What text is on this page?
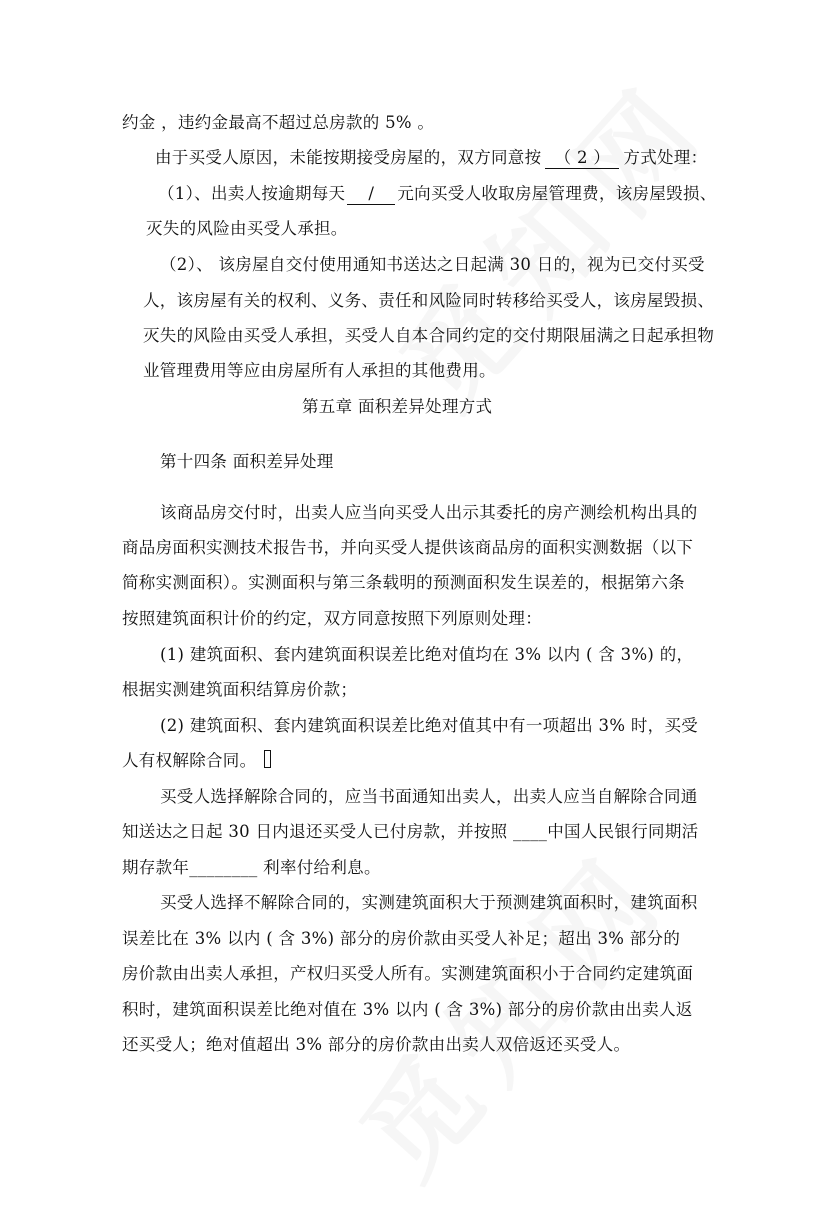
约金 ，违约金最高不超过总房款的 5% 。
由于买受人原因，未能按期接受房屋的，双方同意按 （ 2 ） 方式处理：
（1）、出卖人按逾期每天 / 元向买受人收取房屋管理费，该房屋毁损、
灭失的风险由买受人承担。
（2）、 该房屋自交付使用通知书送达之日起满 30 日的，视为已交付买受
人，该房屋有关的权利、义务、责任和风险同时转移给买受人，该房屋毁损、
灭失的风险由买受人承担，买受人自本合同约定的交付期限届满之日起承担物
业管理费用等应由房屋所有人承担的其他费用。
第五章 面积差异处理方式
第十四条 面积差异处理
该商品房交付时，出卖人应当向买受人出示其委托的房产测绘机构出具的
商品房面积实测技术报告书，并向买受人提供该商品房的面积实测数据（以下
简称实测面积）。实测面积与第三条载明的预测面积发生误差的，根据第六条
按照建筑面积计价的约定，双方同意按照下列原则处理：
(1) 建筑面积、套内建筑面积误差比绝对值均在 3% 以内 ( 含 3%) 的，
根据实测建筑面积结算房价款；
(2) 建筑面积、套内建筑面积误差比绝对值其中有一项超出 3% 时，买受
人有权解除合同。
买受人选择解除合同的，应当书面通知出卖人，出卖人应当自解除合同通
知送达之日起 30 日内退还买受人已付房款，并按照 ____中国人民银行同期活
期存款年________ 利率付给利息。
买受人选择不解除合同的，实测建筑面积大于预测建筑面积时，建筑面积
误差比在 3% 以内 ( 含 3%) 部分的房价款由买受人补足；超出 3% 部分的
房价款由出卖人承担，产权归买受人所有。实测建筑面积小于合同约定建筑面
积时，建筑面积误差比绝对值在 3% 以内 ( 含 3%) 部分的房价款由出卖人返
还买受人；绝对值超出 3% 部分的房价款由出卖人双倍返还买受人。
